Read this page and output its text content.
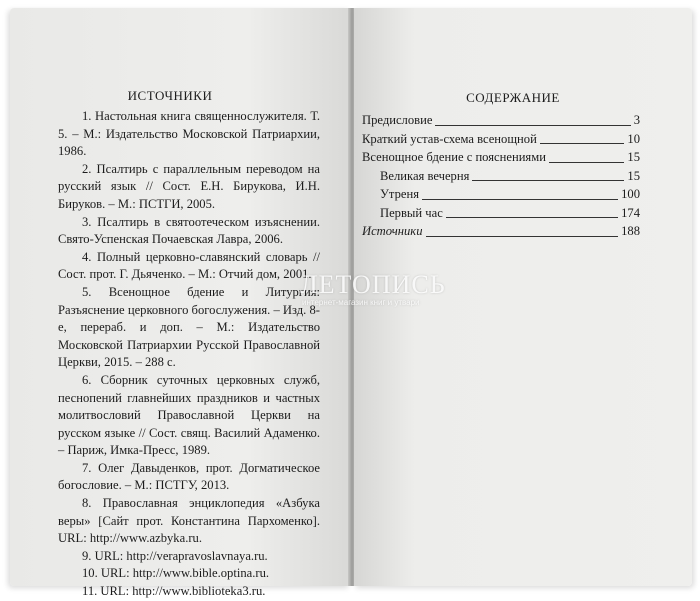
ИСТОЧНИКИ

1. Настольная книга священнослужителя. Т. 5. – М.: Издательство Московской Патриархии, 1986.

2. Псалтирь с параллельным переводом на русский язык // Сост. Е.Н. Бирукова, И.Н. Бируков. – М.: ПСТГИ, 2005.

3. Псалтирь в святоотеческом изъяснении. Свято-Успенская Почаевская Лавра, 2006.

4. Полный церковно-славянский словарь // Сост. прот. Г. Дьяченко. – М.: Отчий дом, 2001.

5. Всенощное бдение и Литургия: Разъяснение церковного богослужения. – Изд. 8-е, перераб. и доп. – М.: Издательство Московской Патриархии Русской Православной Церкви, 2015. – 288 с.

6. Сборник суточных церковных служб, песнопений главнейших праздников и частных молитвословий Православной Церкви на русском языке // Сост. свящ. Василий Адаменко. – Париж, Имка-Пресс, 1989.

7. Олег Давыденков, прот. Догматическое богословие. – М.: ПСТГУ, 2013.

8. Православная энциклопедия «Азбука веры» [Сайт прот. Константина Пархоменко]. URL: http://www.azbyka.ru.

9. URL: http://verapravoslavnaya.ru.

10. URL: http://www.bible.optina.ru.

11. URL: http://www.biblioteka3.ru.

СОДЕРЖАНИЕ
Предисловие	3
Краткий устав-схема всенощной	10
Всенощное бдение с пояснениями	15
Великая вечерня	15
Утреня	100
Первый час	174
Источники	188
ЛЕТОПИСЬ
интернет-магазин книг и утвари
